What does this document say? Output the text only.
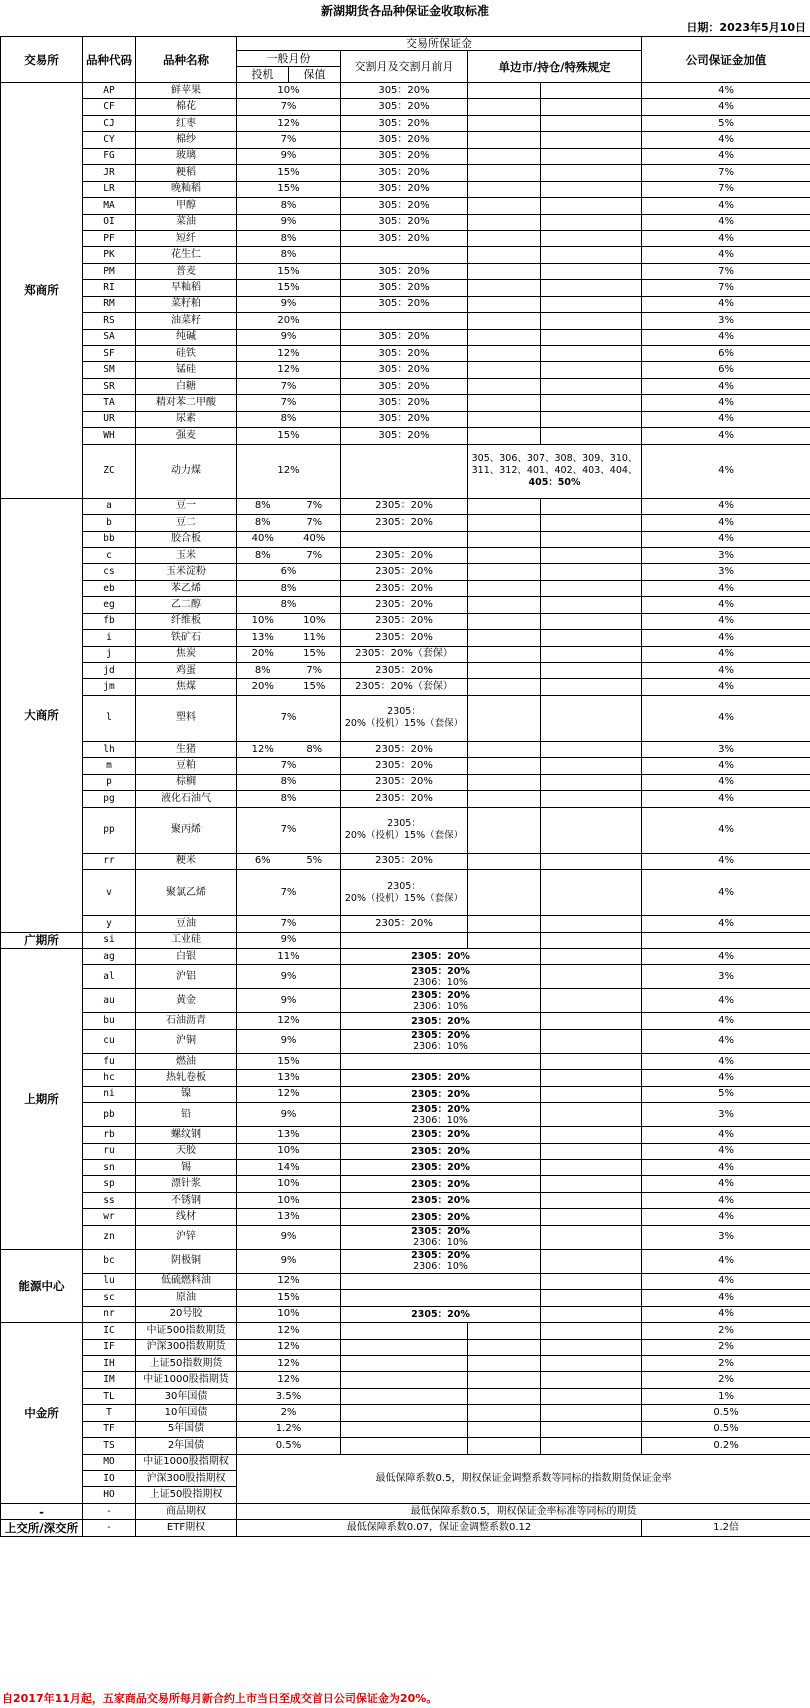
新湖期货各品种保证金收取标准
日期：2023年5月10日
交易所	品种代码	品种名称	交易所保证金					公司保证金加值
			一般月份		交割月及交割月前月	单边市/持仓/特殊规定		
			投机	保值				
郑商所	AP	鲜苹果	10%		305：20%			4%
	CF	棉花	7%		305：20%			4%
	CJ	红枣	12%		305：20%			5%
	CY	棉纱	7%		305：20%			4%
	FG	玻璃	9%		305：20%			4%
	JR	粳稻	15%		305：20%			7%
	LR	晚籼稻	15%		305：20%			7%
	MA	甲醇	8%		305：20%			4%
	OI	菜油	9%		305：20%			4%
	PF	短纤	8%		305：20%			4%
	PK	花生仁	8%					4%
	PM	普麦	15%		305：20%			7%
	RI	早籼稻	15%		305：20%			7%
	RM	菜籽粕	9%		305：20%			4%
	RS	油菜籽	20%					3%
	SA	纯碱	9%		305：20%			4%
	SF	硅铁	12%		305：20%			6%
	SM	锰硅	12%		305：20%			6%
	SR	白糖	7%		305：20%			4%
	TA	精对苯二甲酸	7%		305：20%			4%
	UR	尿素	8%		305：20%			4%
	WH	强麦	15%		305：20%			4%
	ZC	动力煤	12%			305、306、307、308、309、310、311、312、401、402、403、404、405：50%		4%
大商所	a	豆一	8%	7%	2305：20%			4%
	b	豆二	8%	7%	2305：20%			4%
	bb	胶合板	40%	40%				4%
	c	玉米	8%	7%	2305：20%			3%
	cs	玉米淀粉	6%		2305：20%			3%
	eb	苯乙烯	8%		2305：20%			4%
	eg	乙二醇	8%		2305：20%			4%
	fb	纤维板	10%	10%	2305：20%			4%
	i	铁矿石	13%	11%	2305：20%			4%
	j	焦炭	20%	15%	2305：20%（套保）			4%
	jd	鸡蛋	8%	7%	2305：20%			4%
	jm	焦煤	20%	15%	2305：20%（套保）			4%
	l	塑料	7%		2305：
20%（投机）15%（套保）			4%
	lh	生猪	12%	8%	2305：20%			3%
	m	豆粕	7%		2305：20%			4%
	p	棕榈	8%		2305：20%			4%
	pg	液化石油气	8%		2305：20%			4%
	pp	聚丙烯	7%		2305：
20%（投机）15%（套保）			4%
	rr	粳米	6%	5%	2305：20%			4%
	v	聚氯乙烯	7%		2305：
20%（投机）15%（套保）			4%
	y	豆油	7%		2305：20%			4%
广期所	si	工业硅	9%					
上期所	ag	白银	11%		2305：20%			4%
	al	沪铝	9%		2305：20%
2306：10%			3%
	au	黄金	9%		2305：20%
2306：10%			4%
	bu	石油沥青	12%		2305：20%			4%
	cu	沪铜	9%		2305：20%
2306：10%			4%
	fu	燃油	15%					4%
	hc	热轧卷板	13%		2305：20%			4%
	ni	镍	12%		2305：20%			5%
	pb	铅	9%		2305：20%
2306：10%			3%
	rb	螺纹钢	13%		2305：20%			4%
	ru	天胶	10%		2305：20%			4%
	sn	锡	14%		2305：20%			4%
	sp	漂针浆	10%		2305：20%			4%
	ss	不锈钢	10%		2305：20%			4%
	wr	线材	13%		2305：20%			4%
	zn	沪锌	9%		2305：20%
2306：10%			3%
能源中心	bc	阴极铜	9%		2305：20%
2306：10%			4%
	lu	低硫燃料油	12%					4%
	sc	原油	15%					4%
	nr	20号胶	10%		2305：20%			4%
中金所	IC	中证500指数期货	12%					2%
	IF	沪深300指数期货	12%					2%
	IH	上证50指数期货	12%					2%
	IM	中证1000股指期货	12%					2%
	TL	30年国债	3.5%					1%
	T	10年国债	2%					0.5%
	TF	5年国债	1.2%					0.5%
	TS	2年国债	0.5%					0.2%
	MO	中证1000股指期权	最低保障系数0.5，期权保证金调整系数等同标的指数期货保证金率					
	IO	沪深300股指期权						
	HO	上证50股指期权						
-	-	商品期权	最低保障系数0.5，期权保证金率标准等同标的期货					
上交所/深交所	-	ETF期权	最低保障系数0.07，保证金调整系数0.12					1.2倍
自2017年11月起，五家商品交易所每月新合约上市当日至成交首日公司保证金为20%。
